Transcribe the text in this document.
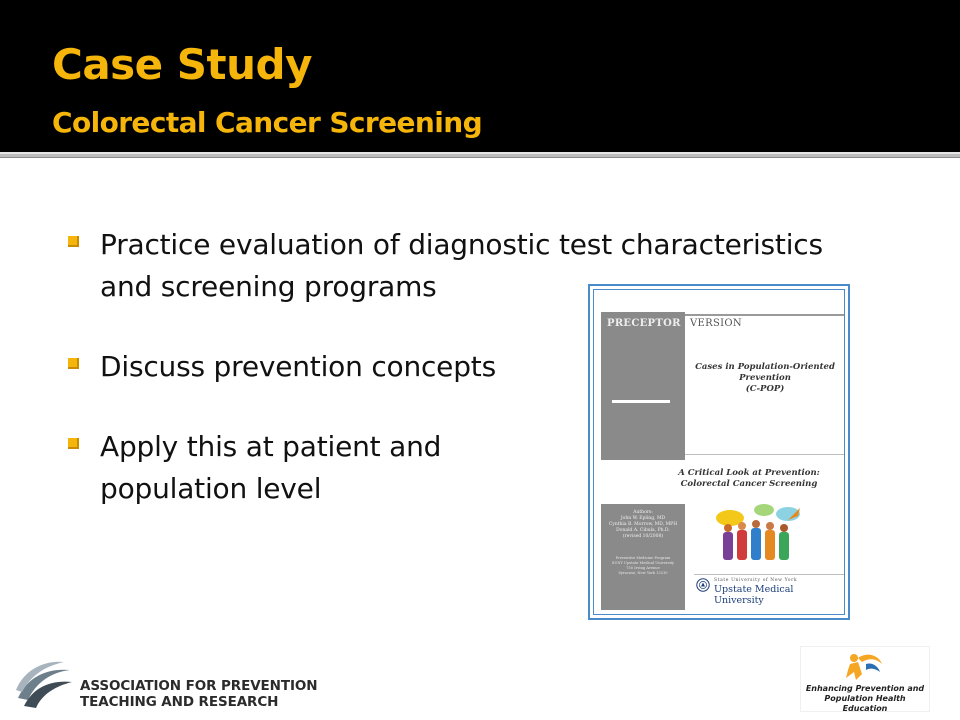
Case Study
Colorectal Cancer Screening
Practice evaluation of diagnostic test characteristics
and screening programs
Discuss prevention concepts
Apply this at patient and
population level
PRECEPTOR VERSION
Cases in Population-Oriented
Prevention
(C-POP)
A Critical Look at Prevention:
Colorectal Cancer Screening
Authors:
John W. Epling, MD
Cynthia B. Morrow, MD, MPH
Donald A. Cibula, Ph.D.
(revised 10/2008)
Preventive Medicine Program
SUNY Upstate Medical University
750 Irving Avenue
Syracuse, New York 13210
State University of New York
Upstate Medical University
ASSOCIATION FOR PREVENTION
TEACHING AND RESEARCH
Enhancing Prevention and
Population Health Education
